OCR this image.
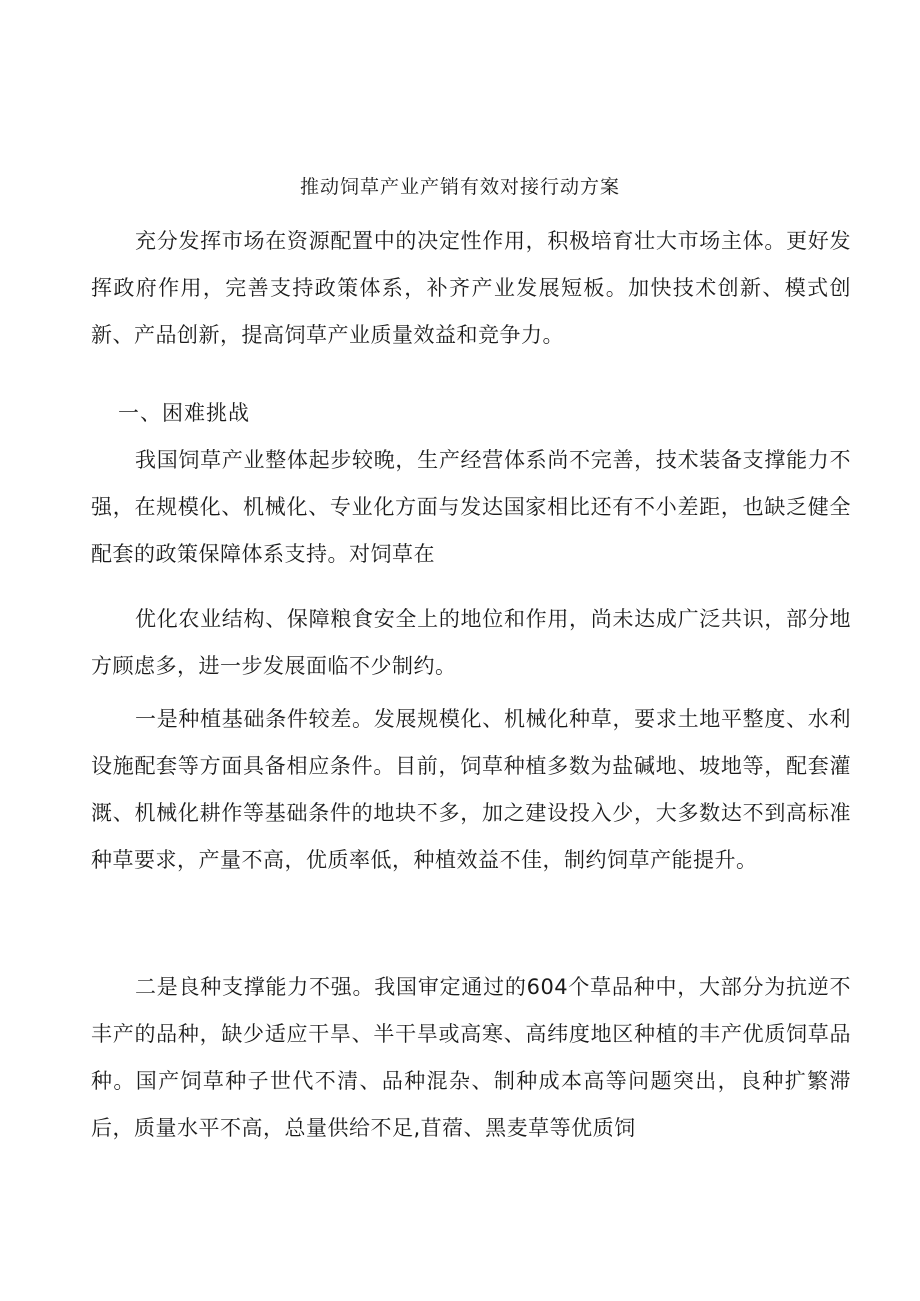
推动饲草产业产销有效对接行动方案

充分发挥市场在资源配置中的决定性作用，积极培育壮大市场主体。更好发挥政府作用，完善支持政策体系，补齐产业发展短板。加快技术创新、模式创新、产品创新，提高饲草产业质量效益和竞争力。

一、困难挑战

我国饲草产业整体起步较晚，生产经营体系尚不完善，技术装备支撑能力不强，在规模化、机械化、专业化方面与发达国家相比还有不小差距，也缺乏健全配套的政策保障体系支持。对饲草在

优化农业结构、保障粮食安全上的地位和作用，尚未达成广泛共识，部分地方顾虑多，进一步发展面临不少制约。

一是种植基础条件较差。发展规模化、机械化种草，要求土地平整度、水利设施配套等方面具备相应条件。目前，饲草种植多数为盐碱地、坡地等，配套灌溉、机械化耕作等基础条件的地块不多，加之建设投入少，大多数达不到高标准种草要求，产量不高，优质率低，种植效益不佳，制约饲草产能提升。

二是良种支撑能力不强。我国审定通过的604个草品种中，大部分为抗逆不丰产的品种，缺少适应干旱、半干旱或高寒、高纬度地区种植的丰产优质饲草品种。国产饲草种子世代不清、品种混杂、制种成本高等问题突出，良种扩繁滞后，质量水平不高，总量供给不足,苜蓿、黑麦草等优质饲
